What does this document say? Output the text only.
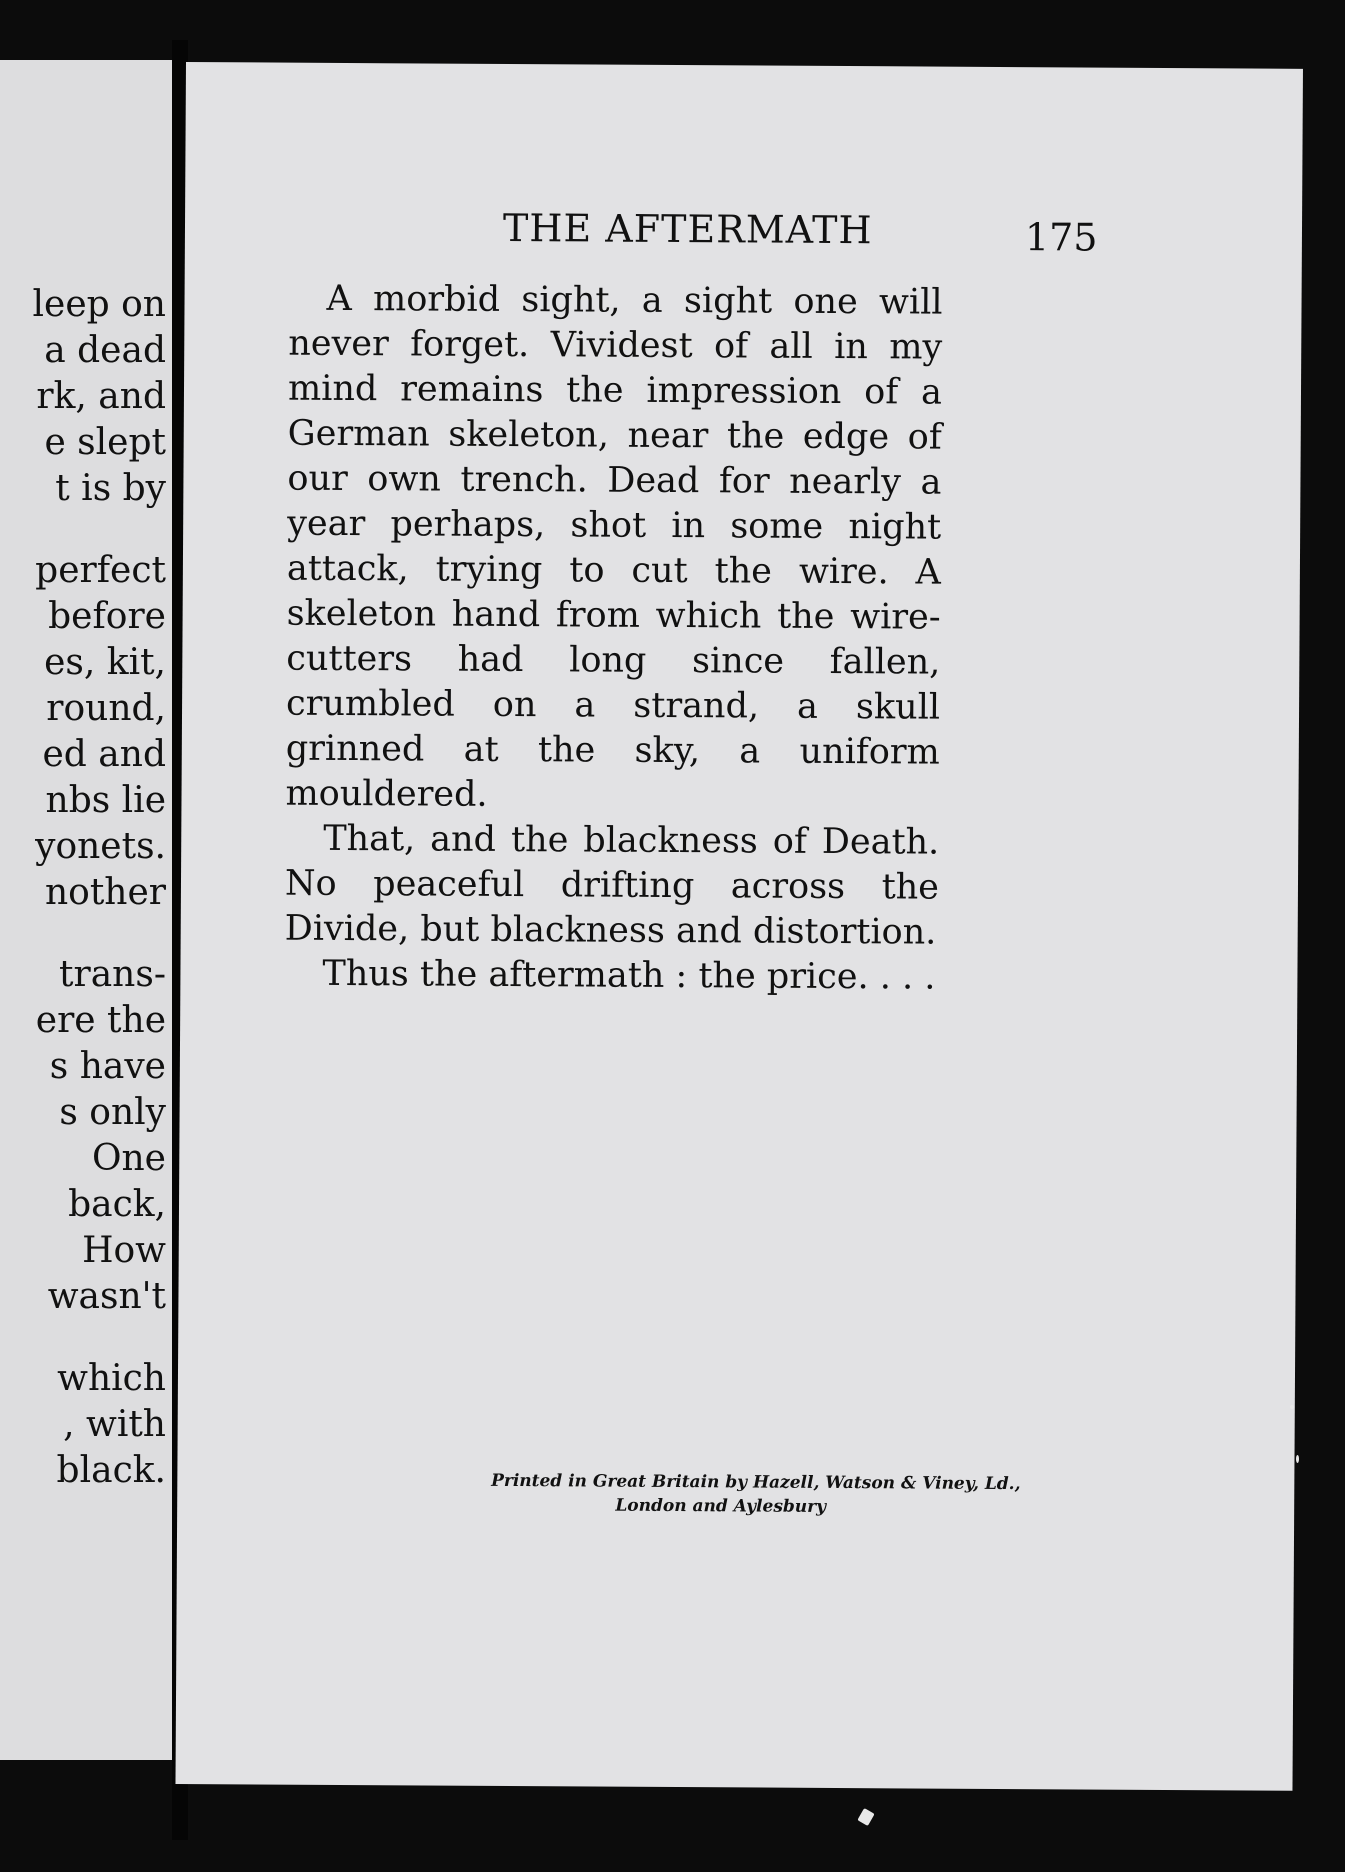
leep on
a dead
rk, and
e slept
t is by
perfect
before
es, kit,
round,
ed and
nbs lie
yonets.
nother
trans-
ere the
s have
s only
One
back,
How
wasn't
which
, with
black.
THE AFTERMATH	175

A morbid sight, a sight one will never forget. Vividest of all in my mind remains the impression of a German skeleton, near the edge of our own trench. Dead for nearly a year perhaps, shot in some night attack, trying to cut the wire. A skeleton hand from which the wire-cutters had long since fallen, crumbled on a strand, a skull grinned at the sky, a uniform mouldered.

That, and the blackness of Death. No peaceful drifting across the Divide, but blackness and distortion.

Thus the aftermath : the price. . . .

Printed in Great Britain by Hazell, Watson & Viney, Ld.,
London and Aylesbury
